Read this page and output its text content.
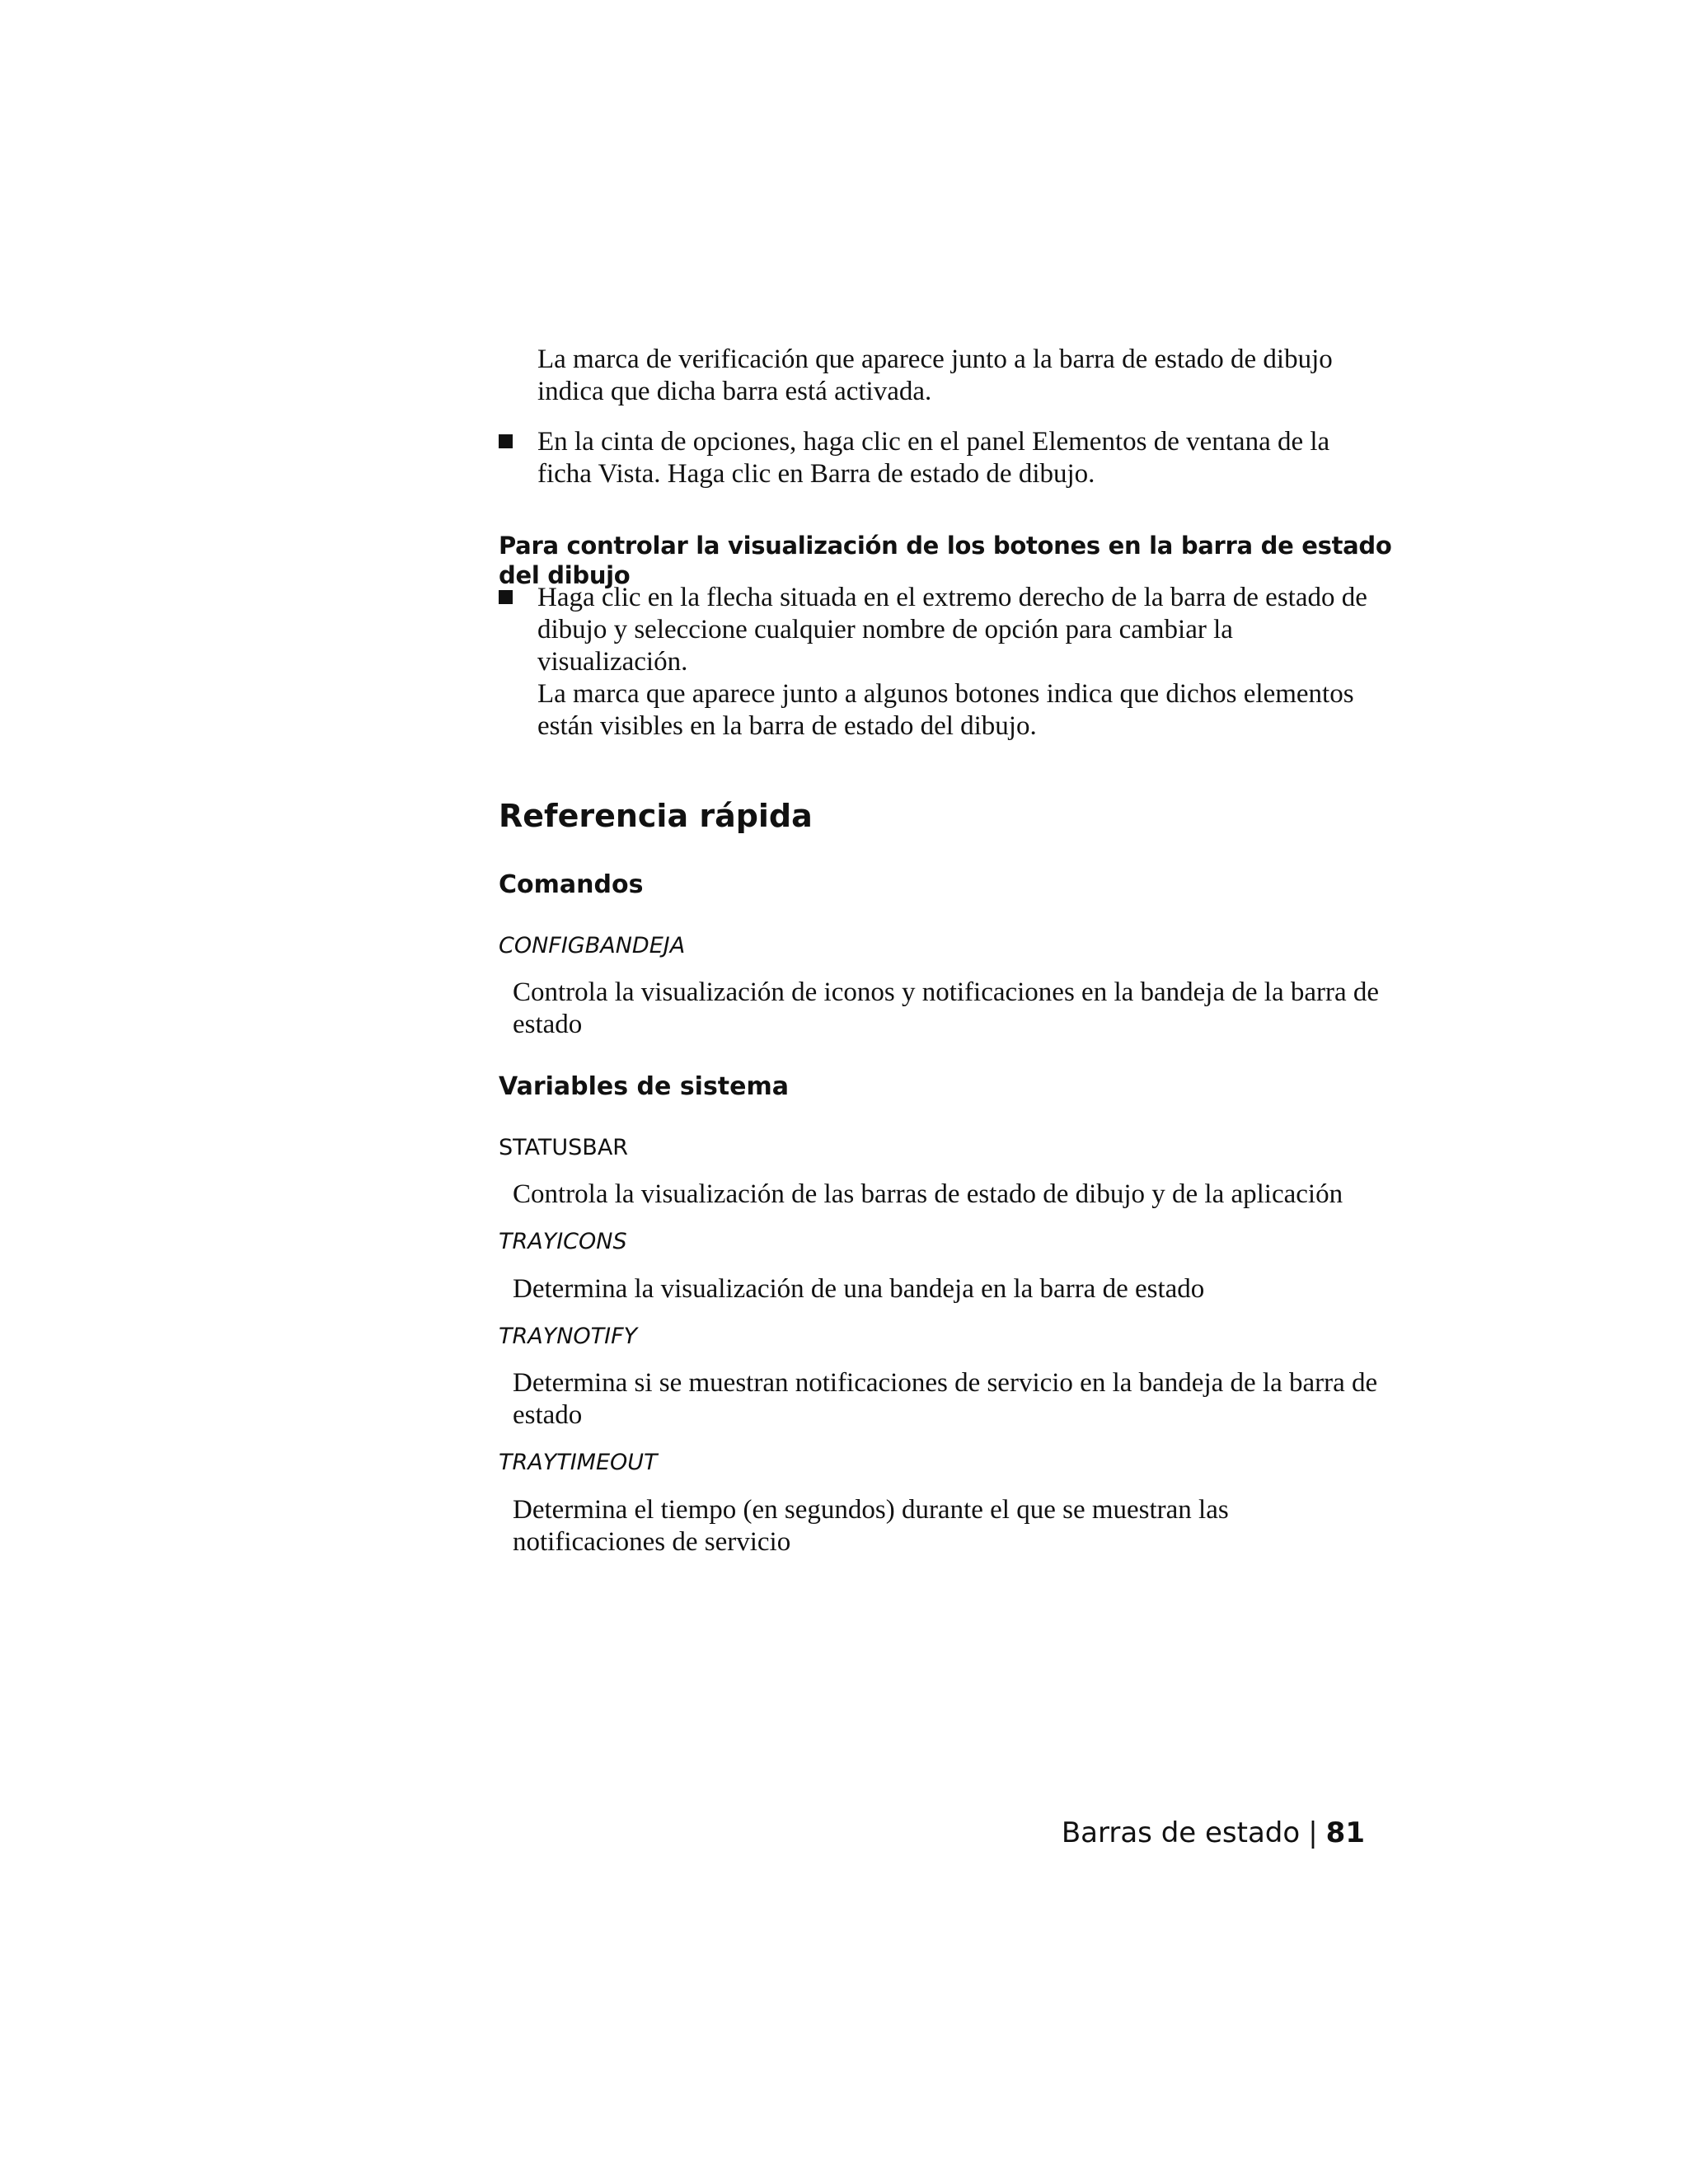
La marca de verificación que aparece junto a la barra de estado de dibujo indica que dicha barra está activada.

En la cinta de opciones, haga clic en el panel Elementos de ventana de la ficha Vista. Haga clic en Barra de estado de dibujo.

Para controlar la visualización de los botones en la barra de estado del dibujo

Haga clic en la flecha situada en el extremo derecho de la barra de estado de dibujo y seleccione cualquier nombre de opción para cambiar la visualización.
La marca que aparece junto a algunos botones indica que dichos elementos están visibles en la barra de estado del dibujo.
Referencia rápida
Comandos

CONFIGBANDEJA

Controla la visualización de iconos y notificaciones en la bandeja de la barra de estado

Variables de sistema

STATUSBAR

Controla la visualización de las barras de estado de dibujo y de la aplicación

TRAYICONS

Determina la visualización de una bandeja en la barra de estado

TRAYNOTIFY

Determina si se muestran notificaciones de servicio en la bandeja de la barra de estado

TRAYTIMEOUT

Determina el tiempo (en segundos) durante el que se muestran las notificaciones de servicio

Barras de estado | 81
